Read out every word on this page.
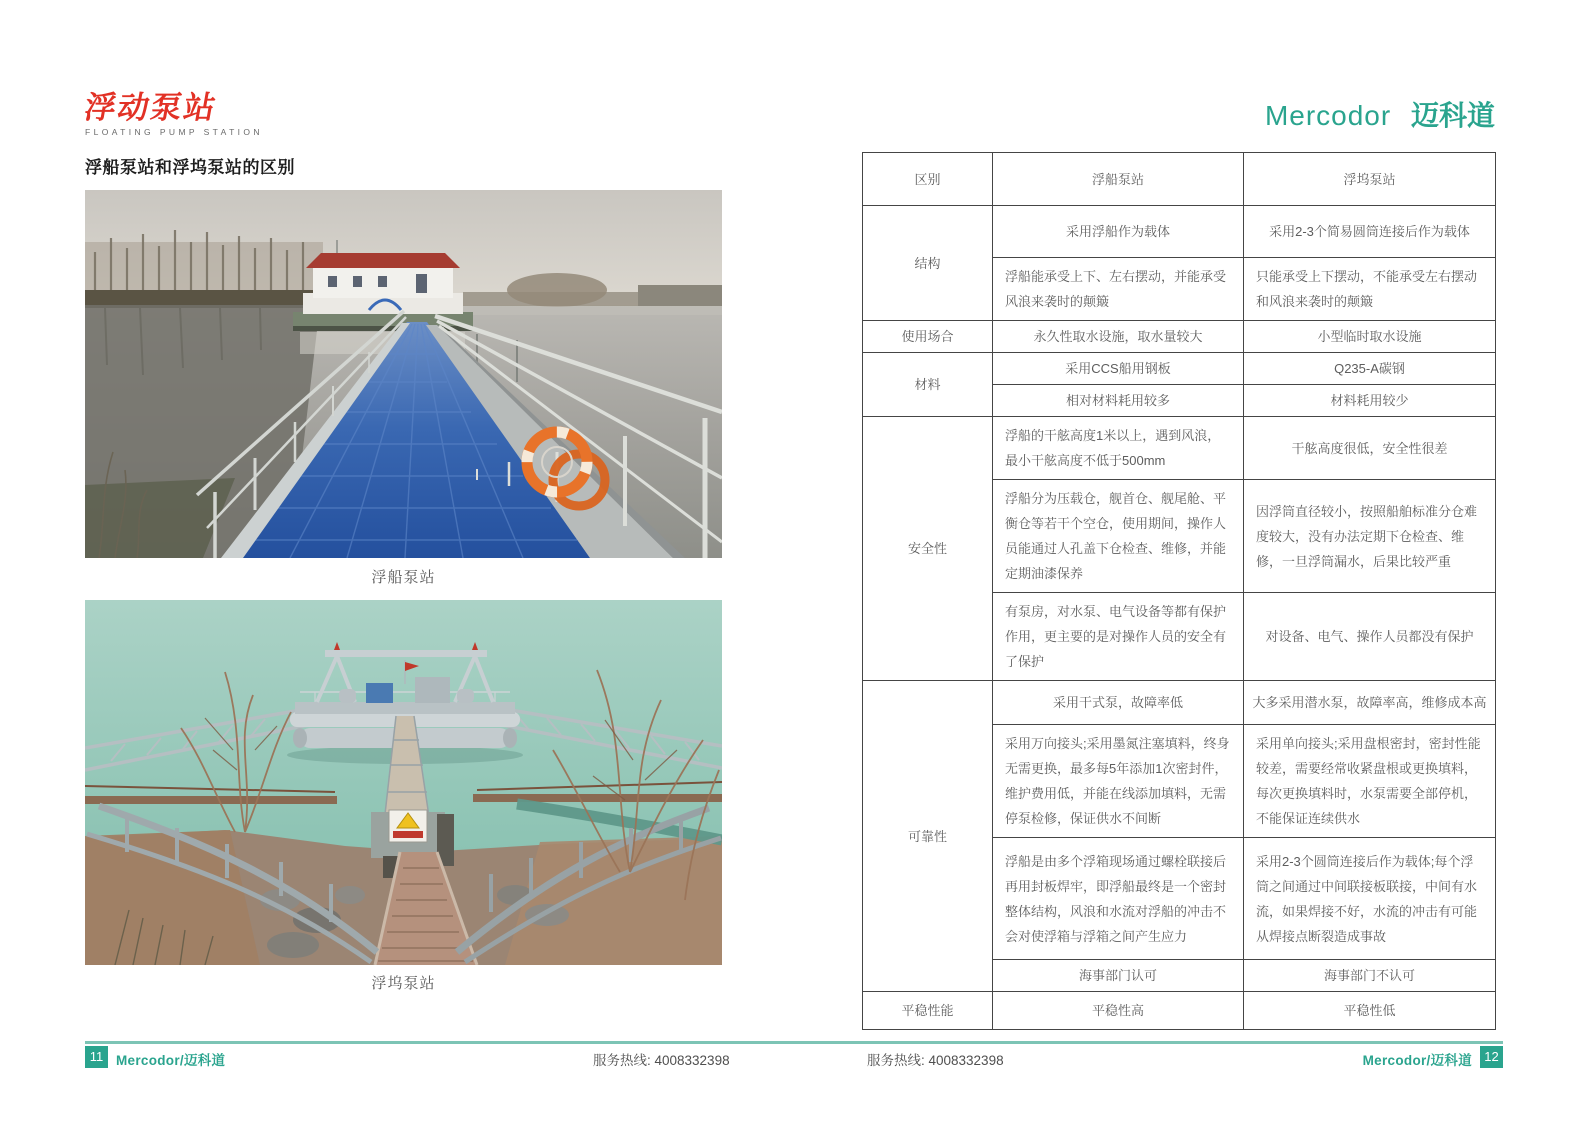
浮动泵站
FLOATING PUMP STATION
Mercodor 迈科道
浮船泵站和浮坞泵站的区别
浮船泵站
浮坞泵站
区别	浮船泵站	浮坞泵站
结构	采用浮船作为载体	采用2-3个简易圆筒连接后作为载体
	浮船能承受上下、左右摆动，并能承受风浪来袭时的颠簸	只能承受上下摆动，不能承受左右摆动和风浪来袭时的颠簸
使用场合	永久性取水设施，取水量较大	小型临时取水设施
材料	采用CCS船用钢板	Q235-A碳钢
	相对材料耗用较多	材料耗用较少
安全性	浮船的干舷高度1米以上，遇到风浪，最小干舷高度不低于500mm	干舷高度很低，安全性很差
	浮船分为压载仓，舰首仓、舰尾舱、平衡仓等若干个空仓，使用期间，操作人员能通过人孔盖下仓检查、维修，并能定期油漆保养	因浮筒直径较小，按照船舶标准分仓难度较大，没有办法定期下仓检查、维修，一旦浮筒漏水，后果比较严重
	有泵房，对水泵、电气设备等都有保护作用，更主要的是对操作人员的安全有了保护	对设备、电气、操作人员都没有保护
可靠性	采用干式泵，故障率低	大多采用潜水泵，故障率高，维修成本高
	采用万向接头;采用墨氮注塞填料，终身无需更换，最多每5年添加1次密封件，维护费用低，并能在线添加填料，无需停泵检修，保证供水不间断	采用单向接头;采用盘根密封，密封性能较差，需要经常收紧盘根或更换填料，每次更换填料时，水泵需要全部停机，不能保证连续供水
	浮船是由多个浮箱现场通过螺栓联接后再用封板焊牢，即浮船最终是一个密封整体结构，风浪和水流对浮船的冲击不会对使浮箱与浮箱之间产生应力	采用2-3个圆筒连接后作为载体;每个浮筒之间通过中间联接板联接，中间有水流，如果焊接不好，水流的冲击有可能从焊接点断裂造成事故
	海事部门认可	海事部门不认可
平稳性能	平稳性高	平稳性低
11 Mercodor/迈科道	服务热线: 4008332398	服务热线: 4008332398	Mercodor/迈科道 12
